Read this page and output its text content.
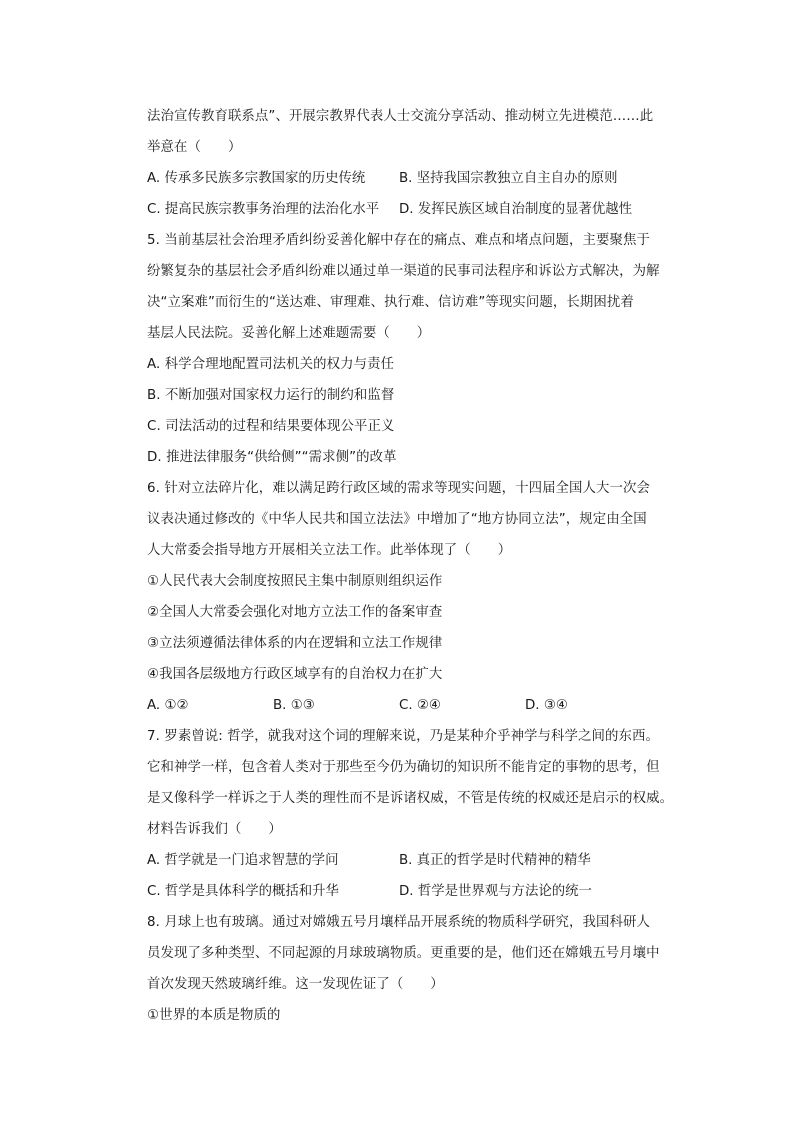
法治宣传教育联系点”、开展宗教界代表人士交流分享活动、推动树立先进模范……此
举意在（　　）
A. 传承多民族多宗教国家的历史传统	B. 坚持我国宗教独立自主自办的原则
C. 提高民族宗教事务治理的法治化水平 D. 发挥民族区域自治制度的显著优越性
5. 当前基层社会治理矛盾纠纷妥善化解中存在的痛点、难点和堵点问题，主要聚焦于
纷繁复杂的基层社会矛盾纠纷难以通过单一渠道的民事司法程序和诉讼方式解决，为解
决“立案难”而衍生的“送达难、审理难、执行难、信访难”等现实问题，长期困扰着
基层人民法院。妥善化解上述难题需要（　　）
A. 科学合理地配置司法机关的权力与责任
B. 不断加强对国家权力运行的制约和监督
C. 司法活动的过程和结果要体现公平正义
D. 推进法律服务“供给侧”“需求侧”的改革
6. 针对立法碎片化，难以满足跨行政区域的需求等现实问题，十四届全国人大一次会
议表决通过修改的《中华人民共和国立法法》中增加了“地方协同立法”，规定由全国
人大常委会指导地方开展相关立法工作。此举体现了（　　）
①人民代表大会制度按照民主集中制原则组织运作
②全国人大常委会强化对地方立法工作的备案审查
③立法须遵循法律体系的内在逻辑和立法工作规律
④我国各层级地方行政区域享有的自治权力在扩大
A. ①②	B. ①③	C. ②④	D. ③④
7. 罗素曾说: 哲学，就我对这个词的理解来说，乃是某种介乎神学与科学之间的东西。
它和神学一样，包含着人类对于那些至今仍为确切的知识所不能肯定的事物的思考，但
是又像科学一样诉之于人类的理性而不是诉诸权威，不管是传统的权威还是启示的权威。
材料告诉我们（　　）
A. 哲学就是一门追求智慧的学问	B. 真正的哲学是时代精神的精华
C. 哲学是具体科学的概括和升华	D. 哲学是世界观与方法论的统一
8. 月球上也有玻璃。通过对嫦娥五号月壤样品开展系统的物质科学研究，我国科研人
员发现了多种类型、不同起源的月球玻璃物质。更重要的是，他们还在嫦娥五号月壤中
首次发现天然玻璃纤维。这一发现佐证了（　　）
①世界的本质是物质的
